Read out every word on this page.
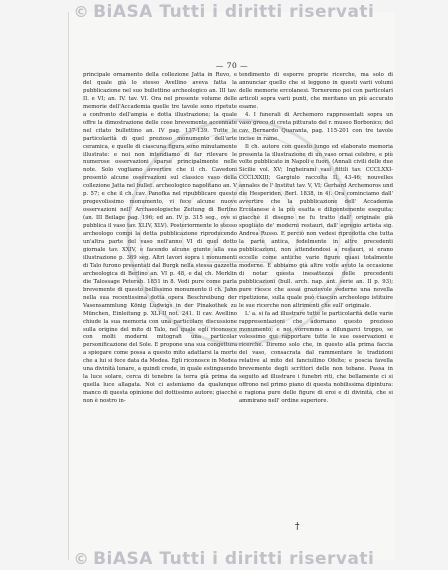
© BiASA Tutti i diritti riservati
— 70 —

principale ornamento della collezione Jatta in Ruvo, e del quale già lo stesso Avellino aveva fatta la pubblicazione nel suo bullettino archeologico an. III tav. II. e VI; an. IV. tav. VI. Ora nel presente volume delle memorie dell'Accademia quelle tre tavole sono ripetute a confronto dell'ampia e dotta illustrazione; la quale offre la dimostrazione delle cose brevemente accennate nel citato bullettino an. IV pag. 137-139. Tutte le particolarità di quel prezioso monumento dell'arte ceramica, e quelle di ciascuna figura sono minutamente illustrate: e noi non intendiamo di far rilevare le numerose osservazioni sparse principalmente nelle note. Solo vogliamo avvertire che il ch. Cavedoni presentò alcune osservazioni sul classico vaso della collezione Jatta nel bullet. archeologico napolitano an. V p. 57; e che il ch. cav. Panofka nel ripubblicare questo pregevolissimo monumento, vi fece alcune nuove osservazioni nell' Archaeologische Zeitung di Berlino (an. III Beilage pag. 196; ed an. IV p. 315 seg., ove si pubblica il vaso tav. XLIV, XLV). Posteriormente lo stesso archeologo compì la detta pubblicazione riproducendo un'altra parte del vaso nell'anno VI di quel dotto giornale tav. XXIV, e facendo alcune giunte alla sua illustrazione p. 369 seg. Altri lavori sopra i monumenti di Talo furono presentati dal Burgk nella stessa gazzetta archeologica di Berlino an. VI p. 48, e dal ch. Merklin die Talossage Peterab. 1851 in 8. Vedi pure come parla brevemente di questo bellissimo monumento il ch. Jahn nella sua recentissima dotta opera Beschreibung der Vasensammlung König Ludwigs in der Pinakothek zu München, Einleitung p. XLI-II not. 241. Il cav. Avellino chiude la sua memoria con una particolare discussione sulla origine del mito di Talo, nel quale egli riconosce con molti moderni mitografi una particolar personificazione del Sole. E propone una sua congettura a spiegare come possa a questo mito adattarsi la morte che a lui si fece data da Medea. Egli riconosce in Medea una divinità lunare, a quindi crede, in quale estinguendo la luce solare, cerca di tenebre la terra già prima da quella luce allagata. Noi ci asteniamo da qualunque manco di questa opinione del dottissimo autore; giacchè non è nostro in-

tendimento di esporre proprie ricerche, ma solo di annunciar quello che si leggono in questi varii volumi delle memorie ercolanesi. Torneremo poi con particolari articoli sopra varii punti, che meritano un più accurato esame.

4. I funerali di Archemoro rappresentati sopra un vaso greco di creta pitturato del r. museo Borbonico; del cav. Bernardo Quaranta, pag. 115-201 con tre tavole incise in rame.

Il ch. autore con questo lungo ed elaborato memoria presenta la illustrazione di un vaso ornai celebre, e più volte pubblicato in Napoli e fuori. (Annali civili delle due Sicilie vol. XV; Ingheirami vasi fittili tav. CCCLXXI-CCCLXXIII; Gargiulo raccolta II, 43-46; nouvelles annales de l' Institut tav. V, VI; Gerhard Archemoros und die Hesperiden, Berl. 1838, in 4). Ora cominciamo dall' avvertire che la pubblicazione dell' Accademia Ercolanese è la più esatta e diligentemente eseguita; giacchè il disegno ne fu tratto dall' originale già spogliato de' moderni restauri, dall' egregio artista sig. Andrea Russo. E perciò non vedesi riprodotta che tutta la parte antica, fedelmente in altre precedenti pubblicazioni, non attendendosi a restauri, si erano eccelle come antiche varie figure quasi totalmente moderne. E abbiamo già altre volte avuto la occasione di notar questa inesattezza delle precedenti pubblicazioni (bull. arch. nap. ant. serie an. II p. 93); pure riesce che assai grazievole vederne una novella ripetizione, sulla quale può ciascun archeologo istituire le sue ricerche non altrimenti che sull' originale.

L' a. si fa ad illustrare tutte le particolarità delle varie rappresentazioni che adornano questo prezioso monumento; e noi vorremmo a dilungarci troppo, se volessimo qui rapportare tutte le sue osservazioni e ricerche. Diremo solo che, in questo alla prima faccia del vaso, consacrata dal rammentare le tradizioni relative al mito del fanciullino Ofelte; e poscia favella brevemente degli scrittori delle non tebane. Passa in seguito ad illustrare i funebri riti, che bellamente ci si offrono nel primo piano di questa nobilissima dipintura: e ragiona pure delle figure di eroi e di divinità, che si ammirano nell' ordine superiore.

†
© BiASA Tutti i diritti riservati
